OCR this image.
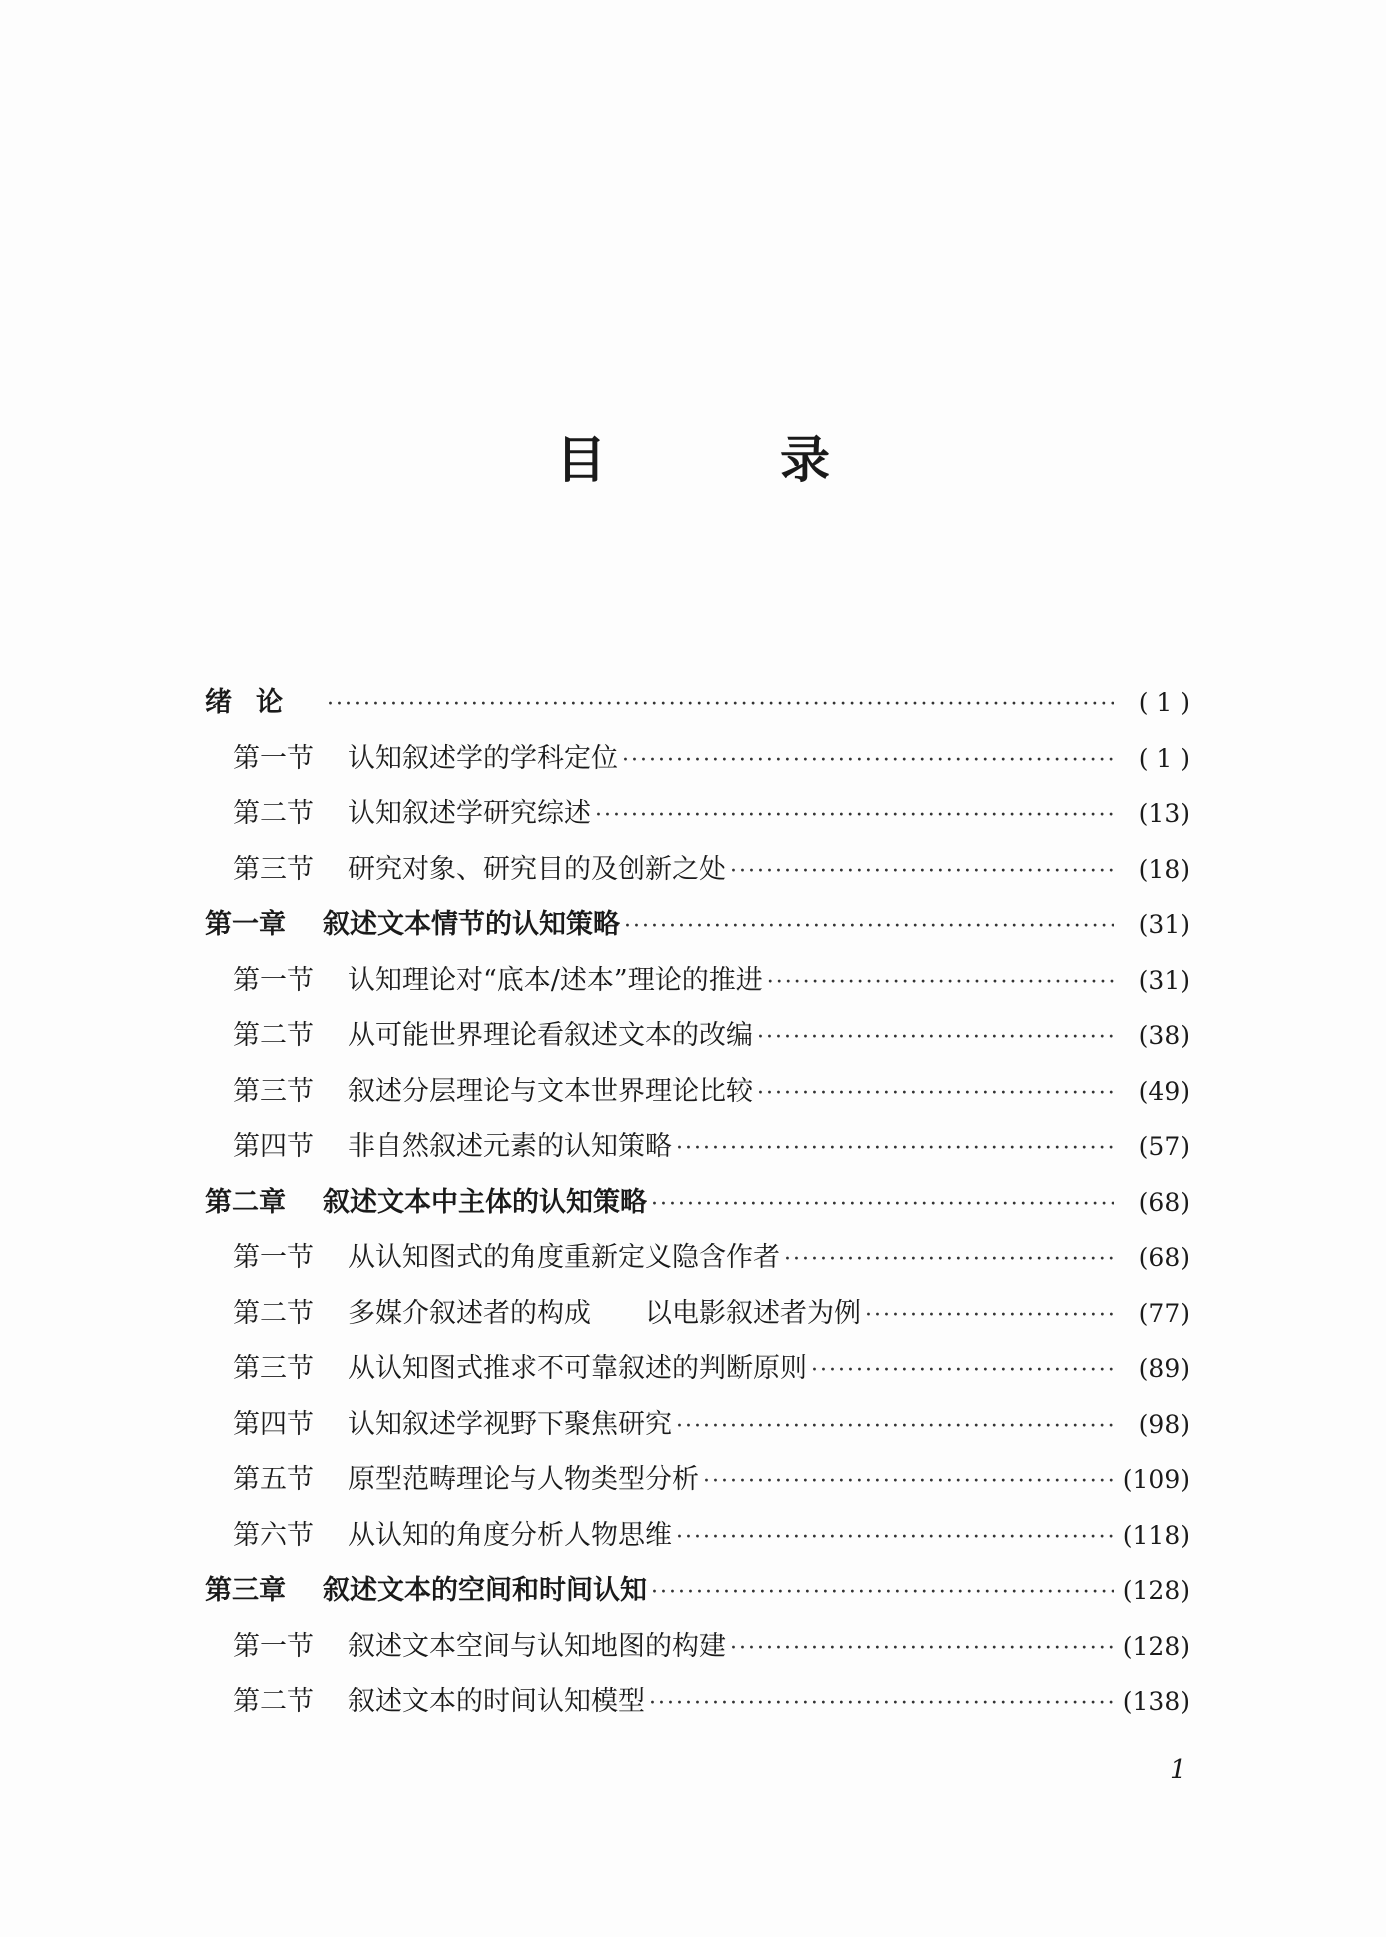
目　录
绪论 ·····	( 1 )
第一节	认知叙述学的学科定位 ·····	( 1 )
第二节	认知叙述学研究综述 ·····	(13)
第三节	研究对象、研究目的及创新之处 ·····	(18)
第一章	叙述文本情节的认知策略 ·····	(31)
第一节	认知理论对“底本/述本”理论的推进 ·····	(31)
第二节	从可能世界理论看叙述文本的改编 ·····	(38)
第三节	叙述分层理论与文本世界理论比较 ·····	(49)
第四节	非自然叙述元素的认知策略 ·····	(57)
第二章	叙述文本中主体的认知策略 ·····	(68)
第一节	从认知图式的角度重新定义隐含作者 ·····	(68)
第二节	多媒介叙述者的构成　　以电影叙述者为例 ·····	(77)
第三节	从认知图式推求不可靠叙述的判断原则 ·····	(89)
第四节	认知叙述学视野下聚焦研究 ·····	(98)
第五节	原型范畴理论与人物类型分析 ·····	(109)
第六节	从认知的角度分析人物思维 ·····	(118)
第三章	叙述文本的空间和时间认知 ·····	(128)
第一节	叙述文本空间与认知地图的构建 ·····	(128)
第二节	叙述文本的时间认知模型 ·····	(138)
1
